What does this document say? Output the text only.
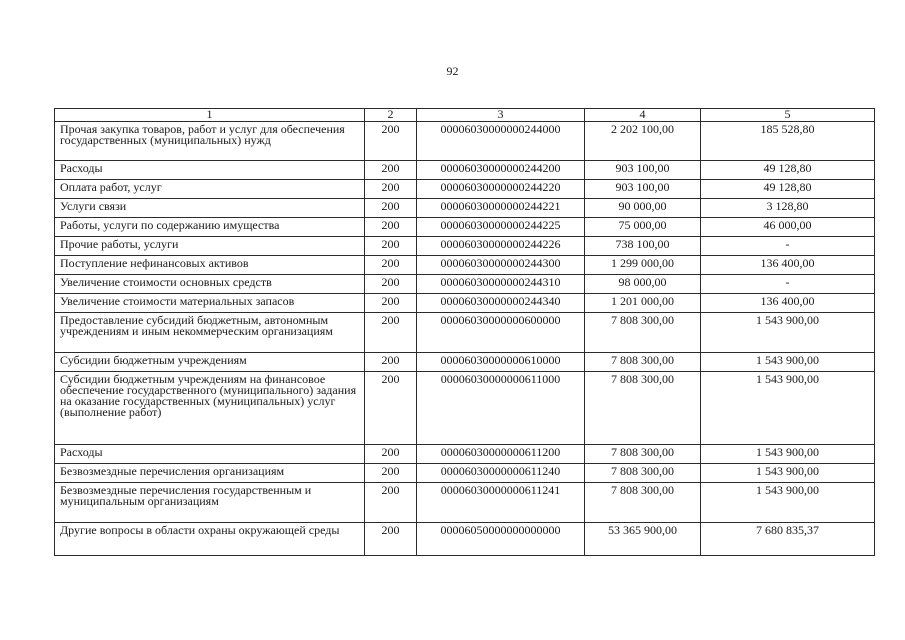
92
1	2	3	4	5
Прочая закупка товаров, работ и услуг для обеспечения государственных (муниципальных) нужд	200	00006030000000244000	2 202 100,00	185 528,80
Расходы	200	00006030000000244200	903 100,00	49 128,80
Оплата работ, услуг	200	00006030000000244220	903 100,00	49 128,80
Услуги связи	200	00006030000000244221	90 000,00	3 128,80
Работы, услуги по содержанию имущества	200	00006030000000244225	75 000,00	46 000,00
Прочие работы, услуги	200	00006030000000244226	738 100,00	-
Поступление нефинансовых активов	200	00006030000000244300	1 299 000,00	136 400,00
Увеличение стоимости основных средств	200	00006030000000244310	98 000,00	-
Увеличение стоимости материальных запасов	200	00006030000000244340	1 201 000,00	136 400,00
Предоставление субсидий бюджетным, автономным учреждениям и иным некоммерческим организациям	200	00006030000000600000	7 808 300,00	1 543 900,00
Субсидии бюджетным учреждениям	200	00006030000000610000	7 808 300,00	1 543 900,00
Субсидии бюджетным учреждениям на финансовое обеспечение государственного (муниципального) задания на оказание государственных (муниципальных) услуг (выполнение работ)	200	00006030000000611000	7 808 300,00	1 543 900,00
Расходы	200	00006030000000611200	7 808 300,00	1 543 900,00
Безвозмездные перечисления организациям	200	00006030000000611240	7 808 300,00	1 543 900,00
Безвозмездные перечисления государственным и муниципальным организациям	200	00006030000000611241	7 808 300,00	1 543 900,00
Другие вопросы в области охраны окружающей среды	200	00006050000000000000	53 365 900,00	7 680 835,37
